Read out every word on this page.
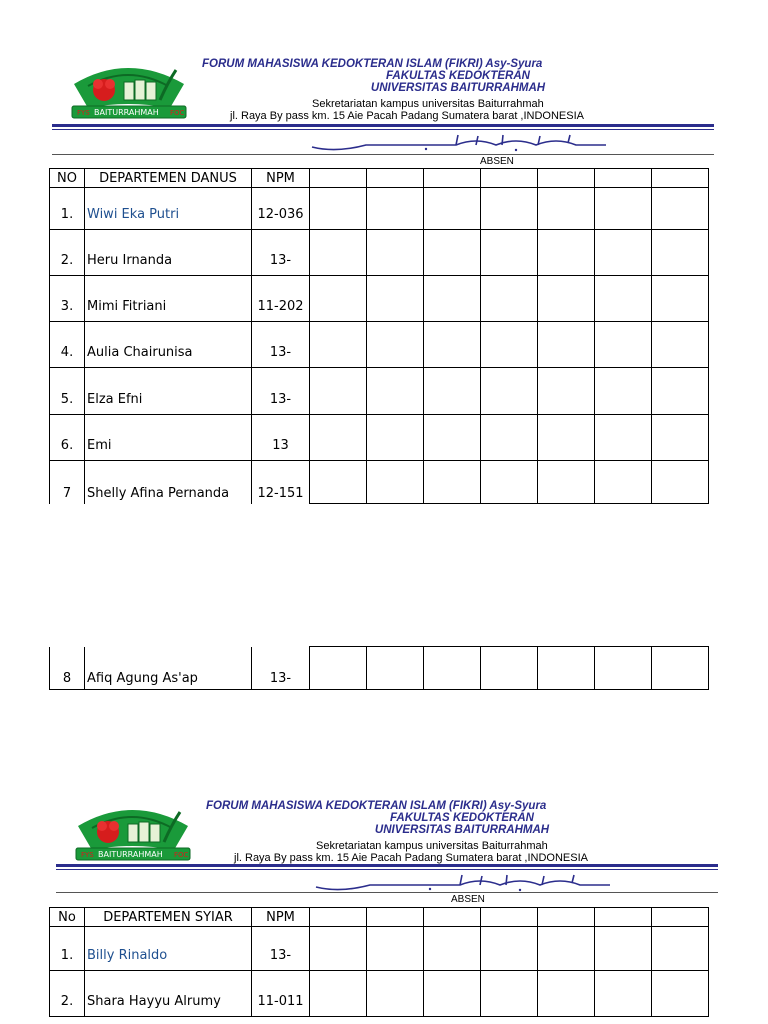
FYS BAITURRAHMAH FOC
FORUM MAHASISWA KEDOKTERAN ISLAM (FIKRI) Asy-Syura
FAKULTAS KEDOKTERAN
UNIVERSITAS BAITURRAHMAH
Sekretariatan kampus universitas Baiturrahmah
jl. Raya By pass km. 15 Aie Pacah Padang Sumatera barat ,INDONESIA
ABSEN
NO	DEPARTEMEN DANUS	NPM							
1.	Wiwi Eka Putri	12-036							
2.	Heru Irnanda	13-							
3.	Mimi Fitriani	11-202							
4.	Aulia Chairunisa	13-							
5.	Elza Efni	13-							
6.	Emi	13							
7	Shelly Afina Pernanda	12-151							
8	Afiq Agung As'ap	13-							
FYS BAITURRAHMAH FOC
FORUM MAHASISWA KEDOKTERAN ISLAM (FIKRI) Asy-Syura
FAKULTAS KEDOKTERAN
UNIVERSITAS BAITURRAHMAH
Sekretariatan kampus universitas Baiturrahmah
jl. Raya By pass km. 15 Aie Pacah Padang Sumatera barat ,INDONESIA
ABSEN
No	DEPARTEMEN SYIAR	NPM							
1.	Billy Rinaldo	13-							
2.	Shara Hayyu Alrumy	11-011							
